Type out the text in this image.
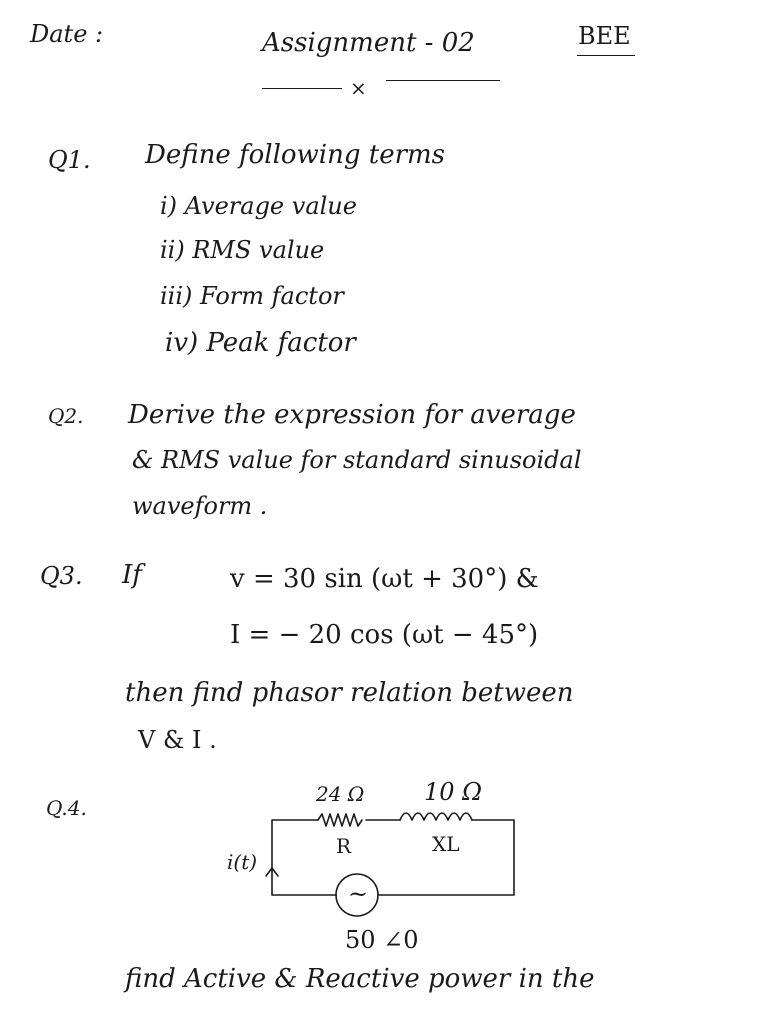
Date :	Assignment - 02	BEE
×
Q1. Define following terms
i) Average value
ii) RMS value
iii) Form factor
iv) Peak factor
Q2. Derive the expression for average
& RMS value for standard sinusoidal
waveform .
Q3. If	v = 30 sin (ωt + 30°) &
I = − 20 cos (ωt − 45°)
then find phasor relation between
V & I .
Q.4.
24 Ω 10 Ω
R	XL
i(t)
~
50 ∠0
find Active & Reactive power in the
